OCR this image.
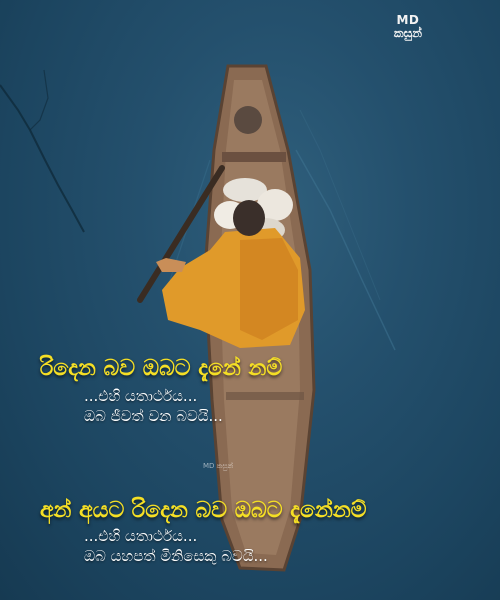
MD
කසුන්
MD කසුන්
රිදෙන බව ඔබට දැනේ නම්
...එහි යතාර්ථය...
ඔබ ජීවත් වන බවයි...
අන් අයට රිදෙන බව ඔබට දැනේනම්
...එහි යතාර්ථය...
ඔබ යහපත් මිනිසෙකු බවයි...
